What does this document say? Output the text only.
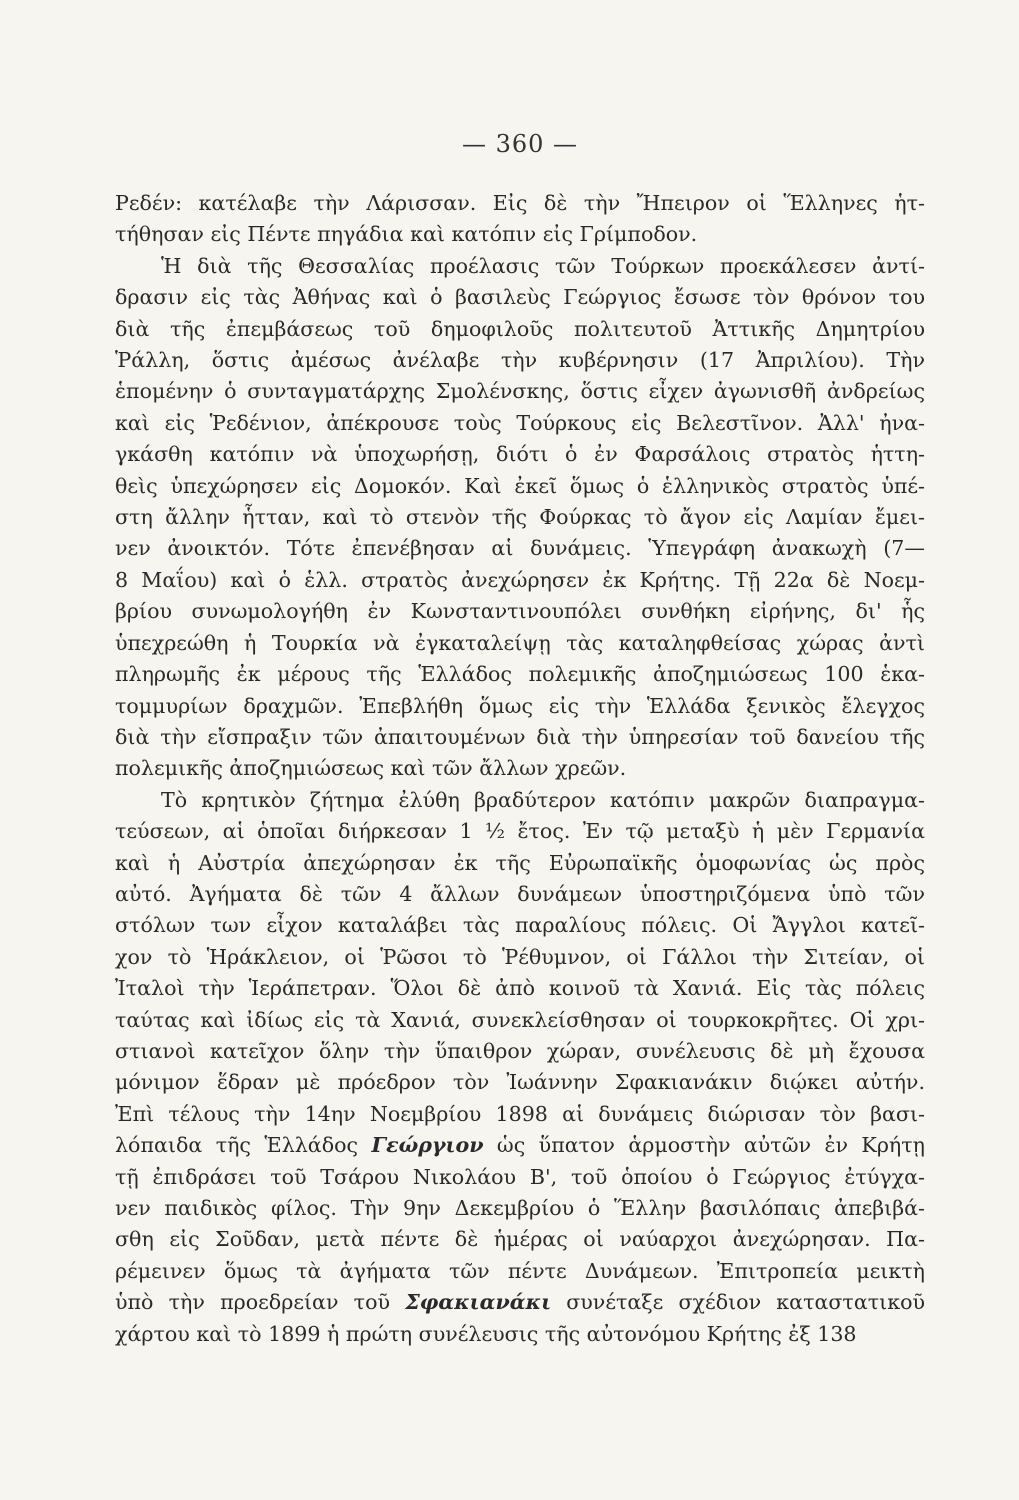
— 360 —
Ρεδέν: κατέλαβε τὴν Λάρισσαν. Εἰς δὲ τὴν Ἤπειρον οἱ Ἕλληνες ἡτ-
τήθησαν εἰς Πέντε πηγάδια καὶ κατόπιν εἰς Γρίμποδον.
Ἡ διὰ τῆς Θεσσαλίας προέλασις τῶν Τούρκων προεκάλεσεν ἀντί-
δρασιν εἰς τὰς Ἀθήνας καὶ ὁ βασιλεὺς Γεώργιος ἔσωσε τὸν θρόνον του
διὰ τῆς ἐπεμβάσεως τοῦ δημοφιλοῦς πολιτευτοῦ Ἀττικῆς Δημητρίου
Ῥάλλη, ὅστις ἀμέσως ἀνέλαβε τὴν κυβέρνησιν (17 Ἀπριλίου). Τὴν
ἑπομένην ὁ συνταγματάρχης Σμολένσκης, ὅστις εἶχεν ἀγωνισθῆ ἀνδρείως
καὶ εἰς Ῥεδένιον, ἀπέκρουσε τοὺς Τούρκους εἰς Βελεστῖνον. Ἀλλ' ἠνα-
γκάσθη κατόπιν νὰ ὑποχωρήσῃ, διότι ὁ ἐν Φαρσάλοις στρατὸς ἡττη-
θεὶς ὑπεχώρησεν εἰς Δομοκόν. Καὶ ἐκεῖ ὅμως ὁ ἑλληνικὸς στρατὸς ὑπέ-
στη ἄλλην ἧτταν, καὶ τὸ στενὸν τῆς Φούρκας τὸ ἄγον εἰς Λαμίαν ἔμει-
νεν ἀνοικτόν. Τότε ἐπενέβησαν αἱ δυνάμεις. Ὑπεγράφη ἀνακωχὴ (7—
8 Μαΐου) καὶ ὁ ἑλλ. στρατὸς ἀνεχώρησεν ἐκ Κρήτης. Τῇ 22α δὲ Νοεμ-
βρίου συνωμολογήθη ἐν Κωνσταντινουπόλει συνθήκη εἰρήνης, δι' ἧς
ὑπεχρεώθη ἡ Τουρκία νὰ ἐγκαταλείψῃ τὰς καταληφθείσας χώρας ἀντὶ
πληρωμῆς ἐκ μέρους τῆς Ἑλλάδος πολεμικῆς ἀποζημιώσεως 100 ἑκα-
τομμυρίων δραχμῶν. Ἐπεβλήθη ὅμως εἰς τὴν Ἑλλάδα ξενικὸς ἔλεγχος
διὰ τὴν εἴσπραξιν τῶν ἀπαιτουμένων διὰ τὴν ὑπηρεσίαν τοῦ δανείου τῆς
πολεμικῆς ἀποζημιώσεως καὶ τῶν ἄλλων χρεῶν.
Τὸ κρητικὸν ζήτημα ἐλύθη βραδύτερον κατόπιν μακρῶν διαπραγμα-
τεύσεων, αἱ ὁποῖαι διήρκεσαν 1 ½ ἔτος. Ἐν τῷ μεταξὺ ἡ μὲν Γερμανία
καὶ ἡ Αὐστρία ἀπεχώρησαν ἐκ τῆς Εὐρωπαϊκῆς ὁμοφωνίας ὡς πρὸς
αὐτό. Ἀγήματα δὲ τῶν 4 ἄλλων δυνάμεων ὑποστηριζόμενα ὑπὸ τῶν
στόλων των εἶχον καταλάβει τὰς παραλίους πόλεις. Οἱ Ἄγγλοι κατεῖ-
χον τὸ Ἡράκλειον, οἱ Ῥῶσοι τὸ Ῥέθυμνον, οἱ Γάλλοι τὴν Σιτείαν, οἱ
Ἰταλοὶ τὴν Ἱεράπετραν. Ὅλοι δὲ ἀπὸ κοινοῦ τὰ Χανιά. Εἰς τὰς πόλεις
ταύτας καὶ ἰδίως εἰς τὰ Χανιά, συνεκλείσθησαν οἱ τουρκοκρῆτες. Οἱ χρι-
στιανοὶ κατεῖχον ὅλην τὴν ὕπαιθρον χώραν, συνέλευσις δὲ μὴ ἔχουσα
μόνιμον ἕδραν μὲ πρόεδρον τὸν Ἰωάννην Σφακιανάκιν διῴκει αὐτήν.
Ἐπὶ τέλους τὴν 14ην Νοεμβρίου 1898 αἱ δυνάμεις διώρισαν τὸν βασι-
λόπαιδα τῆς Ἑλλάδος Γεώργιον ὡς ὕπατον ἁρμοστὴν αὐτῶν ἐν Κρήτῃ
τῇ ἐπιδράσει τοῦ Τσάρου Νικολάου Β', τοῦ ὁποίου ὁ Γεώργιος ἐτύγχα-
νεν παιδικὸς φίλος. Τὴν 9ην Δεκεμβρίου ὁ Ἕλλην βασιλόπαις ἀπεβιβά-
σθη εἰς Σοῦδαν, μετὰ πέντε δὲ ἡμέρας οἱ ναύαρχοι ἀνεχώρησαν. Πα-
ρέμεινεν ὅμως τὰ ἀγήματα τῶν πέντε Δυνάμεων. Ἐπιτροπεία μεικτὴ
ὑπὸ τὴν προεδρείαν τοῦ Σφακιανάκι συνέταξε σχέδιον καταστατικοῦ
χάρτου καὶ τὸ 1899 ἡ πρώτη συνέλευσις τῆς αὐτονόμου Κρήτης ἐξ 138
